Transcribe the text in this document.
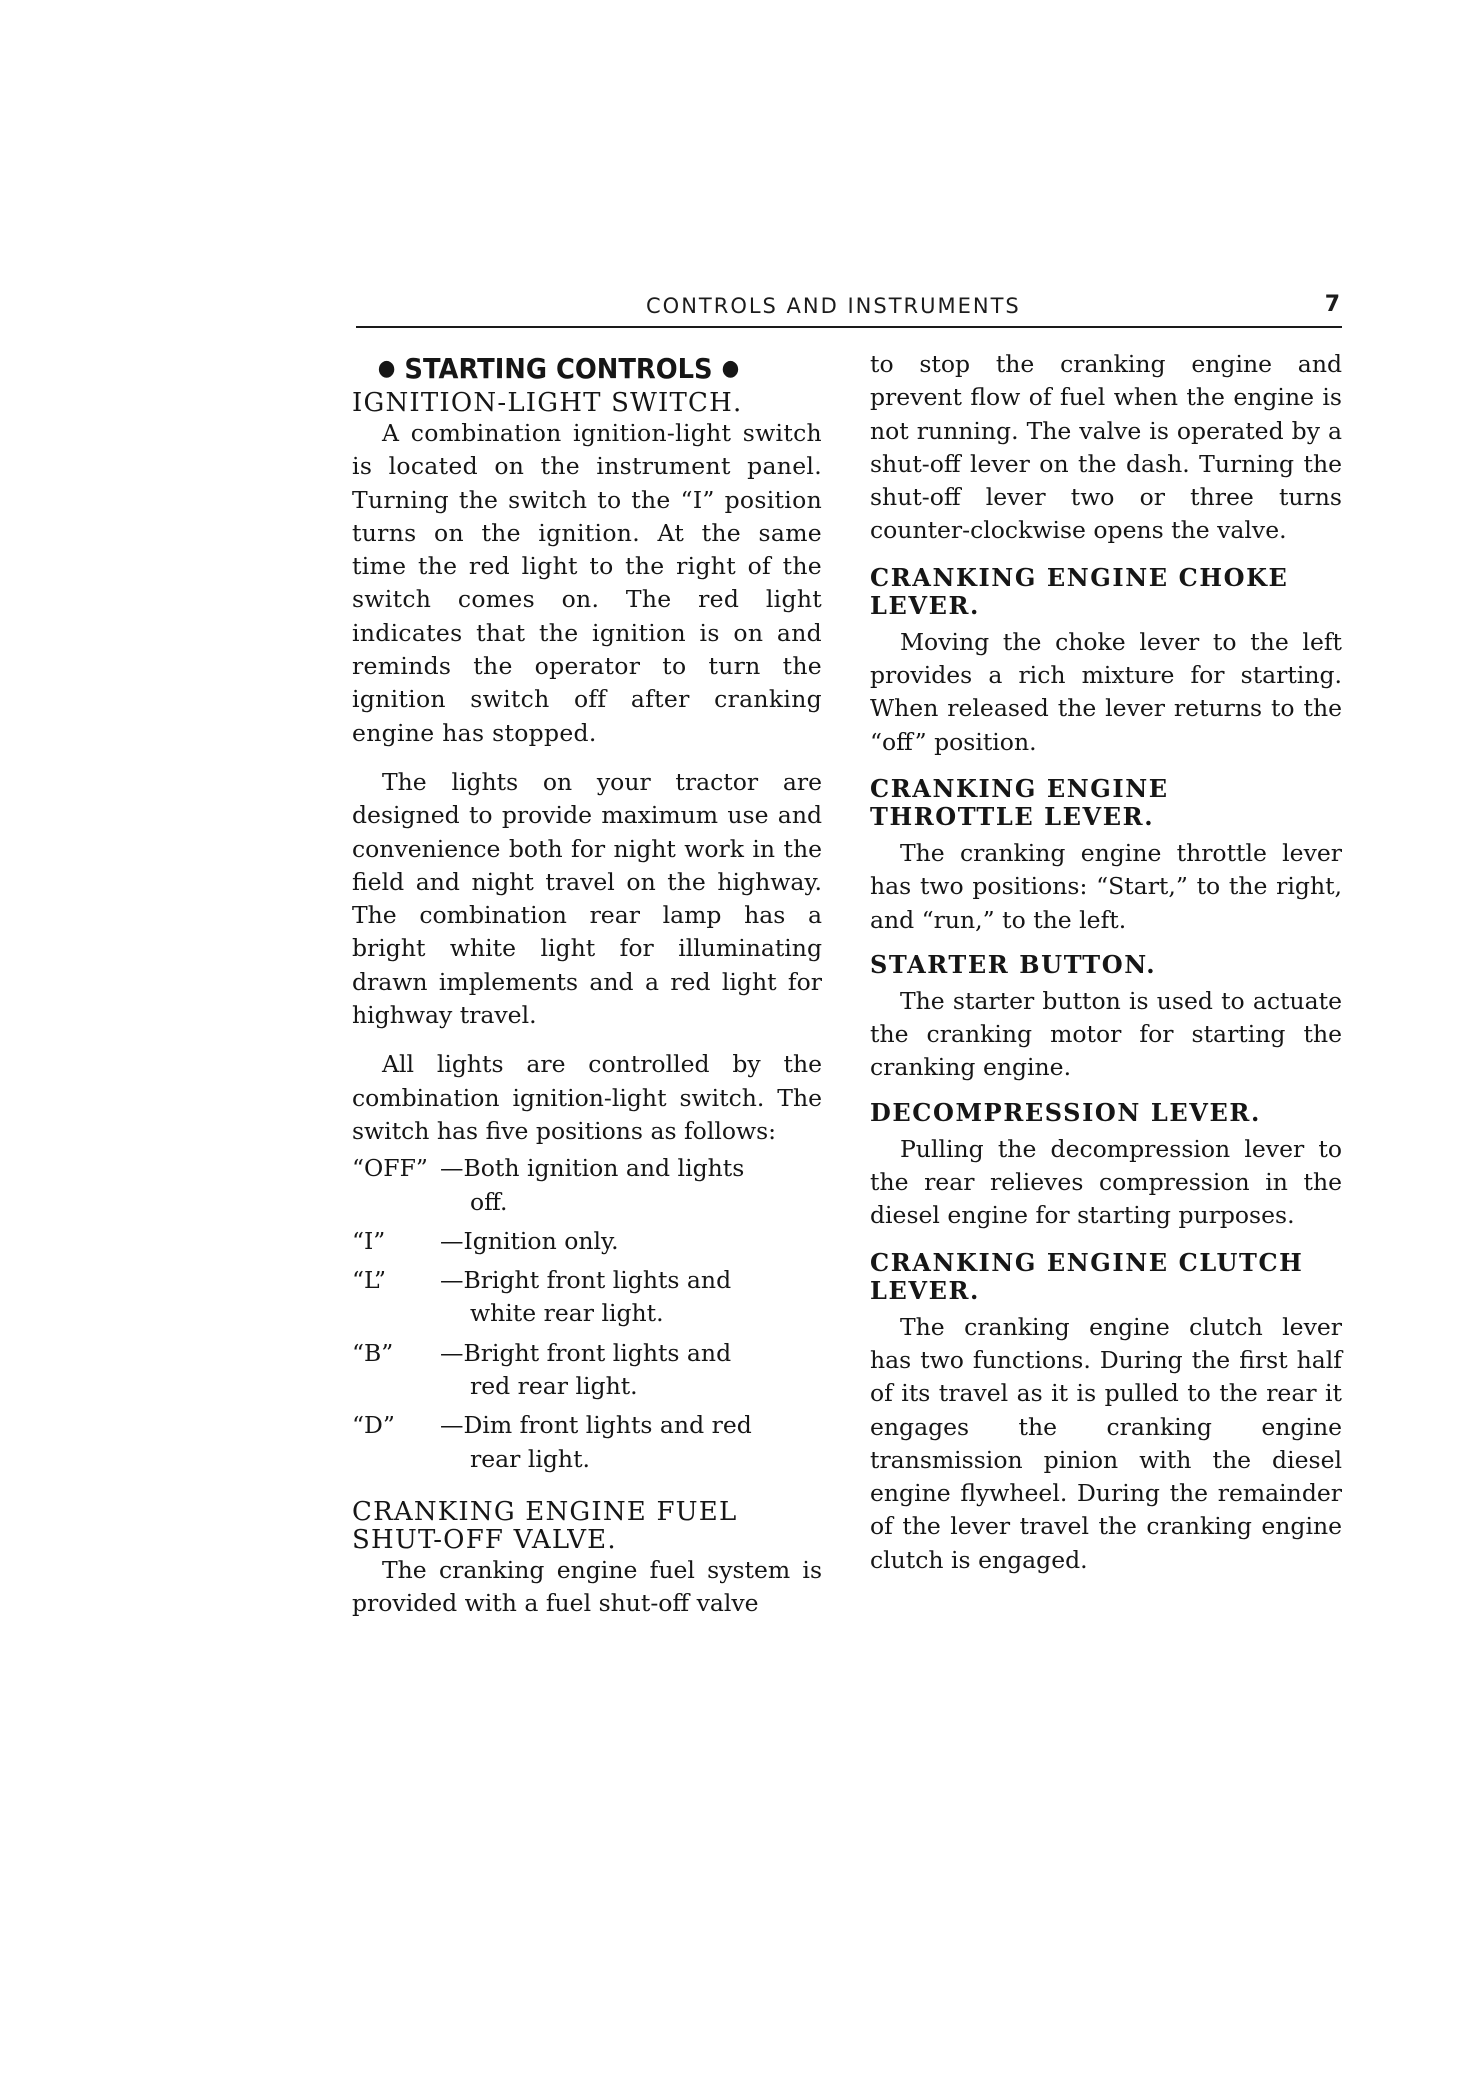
CONTROLS AND INSTRUMENTS	7
● STARTING CONTROLS ●
IGNITION-LIGHT SWITCH.

A combination ignition-light switch is located on the instrument panel. Turning the switch to the “I” position turns on the ignition. At the same time the red light to the right of the switch comes on. The red light indicates that the ignition is on and reminds the operator to turn the ignition switch off after cranking engine has stopped.

The lights on your tractor are designed to provide maximum use and convenience both for night work in the field and night travel on the highway. The combination rear lamp has a bright white light for illuminating drawn implements and a red light for highway travel.

All lights are controlled by the combination ignition-light switch. The switch has five positions as follows:

“OFF” —Both ignition and lights
off.
“I”	—Ignition only.
“L”	—Bright front lights and
white rear light.
“B”	—Bright front lights and
red rear light.
“D”	—Dim front lights and red
rear light.
CRANKING ENGINE FUEL
SHUT-OFF VALVE.

The cranking engine fuel system is provided with a fuel shut-off valve

to stop the cranking engine and prevent flow of fuel when the engine is not running. The valve is operated by a shut-off lever on the dash. Turning the shut-off lever two or three turns counter-clockwise opens the valve.

CRANKING ENGINE CHOKE
LEVER.

Moving the choke lever to the left provides a rich mixture for starting. When released the lever returns to the “off” position.

CRANKING ENGINE
THROTTLE LEVER.

The cranking engine throttle lever has two positions: “Start,” to the right, and “run,” to the left.

STARTER BUTTON.

The starter button is used to actuate the cranking motor for starting the cranking engine.

DECOMPRESSION LEVER.

Pulling the decompression lever to the rear relieves compression in the diesel engine for starting purposes.

CRANKING ENGINE CLUTCH
LEVER.

The cranking engine clutch lever has two functions. During the first half of its travel as it is pulled to the rear it engages the cranking engine transmission pinion with the diesel engine flywheel. During the remainder of the lever travel the cranking engine clutch is engaged.
